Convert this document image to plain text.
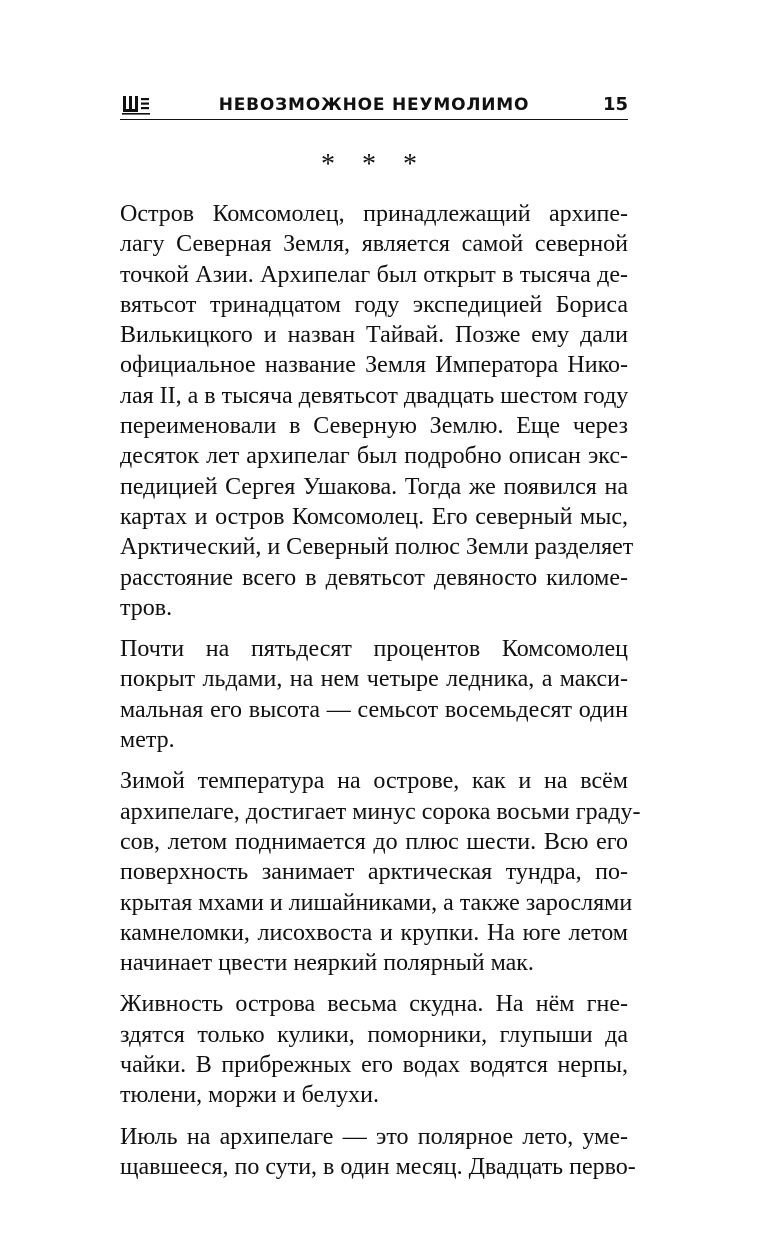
НЕВОЗМОЖНОЕ НЕУМОЛИМО	15
* * *
Остров Комсомолец, принадлежащий архипе-
лагу Северная Земля, является самой северной
точкой Азии. Архипелаг был открыт в тысяча де-
вятьсот тринадцатом году экспедицией Бориса
Вилькицкого и назван Тайвай. Позже ему дали
официальное название Земля Императора Нико-
лая II, а в тысяча девятьсот двадцать шестом году
переименовали в Северную Землю. Еще через
десяток лет архипелаг был подробно описан экс-
педицией Сергея Ушакова. Тогда же появился на
картах и остров Комсомолец. Его северный мыс,
Арктический, и Северный полюс Земли разделяет
расстояние всего в девятьсот девяносто киломе-
тров.
Почти на пятьдесят процентов Комсомолец
покрыт льдами, на нем четыре ледника, а макси-
мальная его высота — семьсот восемьдесят один
метр.
Зимой температура на острове, как и на всём
архипелаге, достигает минус сорока восьми граду-
сов, летом поднимается до плюс шести. Всю его
поверхность занимает арктическая тундра, по-
крытая мхами и лишайниками, а также зарослями
камнеломки, лисохвоста и крупки. На юге летом
начинает цвести неяркий полярный мак.
Живность острова весьма скудна. На нём гне-
здятся только кулики, поморники, глупыши да
чайки. В прибрежных его водах водятся нерпы,
тюлени, моржи и белухи.
Июль на архипелаге — это полярное лето, уме-
щавшееся, по сути, в один месяц. Двадцать перво-
